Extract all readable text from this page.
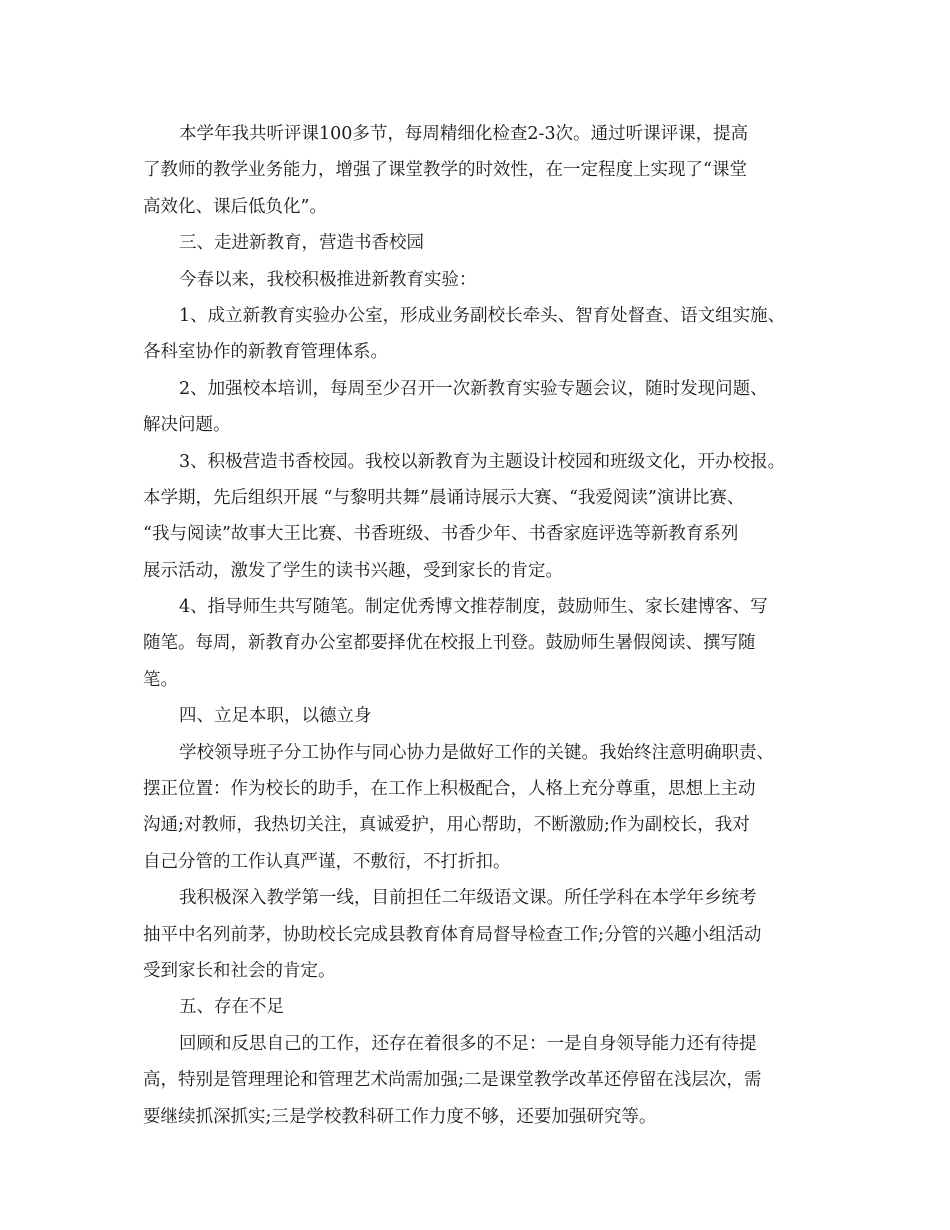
本学年我共听评课100多节，每周精细化检查2-3次。通过听课评课，提高
了教师的教学业务能力，增强了课堂教学的时效性，在一定程度上实现了“课堂
高效化、课后低负化”。
三、走进新教育，营造书香校园
今春以来，我校积极推进新教育实验：
1、成立新教育实验办公室，形成业务副校长牵头、智育处督查、语文组实施、
各科室协作的新教育管理体系。
2、加强校本培训，每周至少召开一次新教育实验专题会议，随时发现问题、
解决问题。
3、积极营造书香校园。我校以新教育为主题设计校园和班级文化，开办校报。
本学期，先后组织开展 “与黎明共舞”晨诵诗展示大赛、“我爱阅读”演讲比赛、
“我与阅读”故事大王比赛、书香班级、书香少年、书香家庭评选等新教育系列
展示活动，激发了学生的读书兴趣，受到家长的肯定。
4、指导师生共写随笔。制定优秀博文推荐制度，鼓励师生、家长建博客、写
随笔。每周，新教育办公室都要择优在校报上刊登。鼓励师生暑假阅读、撰写随
笔。
四、立足本职，以德立身
学校领导班子分工协作与同心协力是做好工作的关键。我始终注意明确职责、
摆正位置：作为校长的助手，在工作上积极配合，人格上充分尊重，思想上主动
沟通;对教师，我热切关注，真诚爱护，用心帮助，不断激励;作为副校长，我对
自己分管的工作认真严谨，不敷衍，不打折扣。
我积极深入教学第一线，目前担任二年级语文课。所任学科在本学年乡统考
抽平中名列前茅，协助校长完成县教育体育局督导检查工作;分管的兴趣小组活动
受到家长和社会的肯定。
五、存在不足
回顾和反思自己的工作，还存在着很多的不足：一是自身领导能力还有待提
高，特别是管理理论和管理艺术尚需加强;二是课堂教学改革还停留在浅层次，需
要继续抓深抓实;三是学校教科研工作力度不够，还要加强研究等。
